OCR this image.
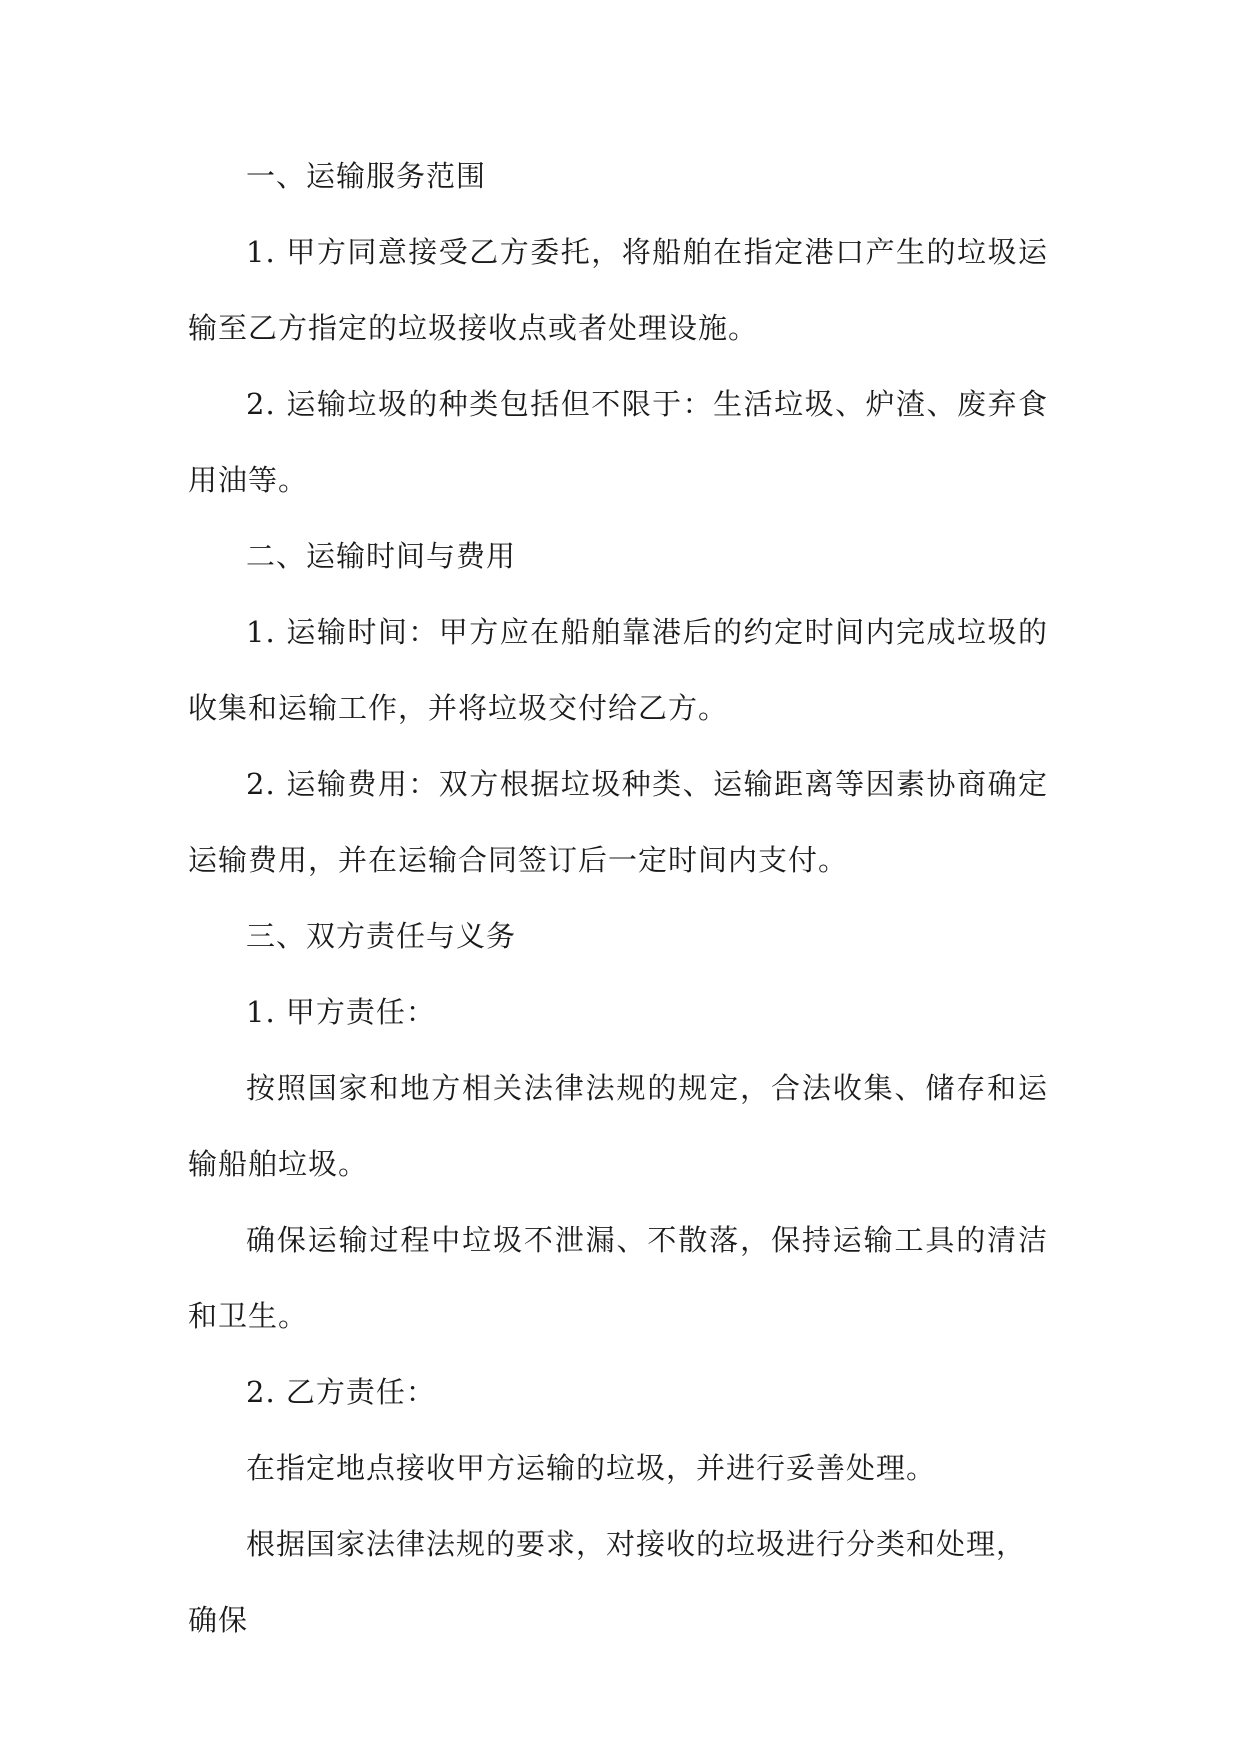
一、运输服务范围

1. 甲方同意接受乙方委托，将船舶在指定港口产生的垃圾运输至乙方指定的垃圾接收点或者处理设施。

2. 运输垃圾的种类包括但不限于：生活垃圾、炉渣、废弃食用油等。

二、运输时间与费用

1. 运输时间：甲方应在船舶靠港后的约定时间内完成垃圾的收集和运输工作，并将垃圾交付给乙方。

2. 运输费用：双方根据垃圾种类、运输距离等因素协商确定运输费用，并在运输合同签订后一定时间内支付。

三、双方责任与义务

1. 甲方责任：

按照国家和地方相关法律法规的规定，合法收集、储存和运输船舶垃圾。

确保运输过程中垃圾不泄漏、不散落，保持运输工具的清洁和卫生。

2. 乙方责任：

在指定地点接收甲方运输的垃圾，并进行妥善处理。

根据国家法律法规的要求，对接收的垃圾进行分类和处理，确保
